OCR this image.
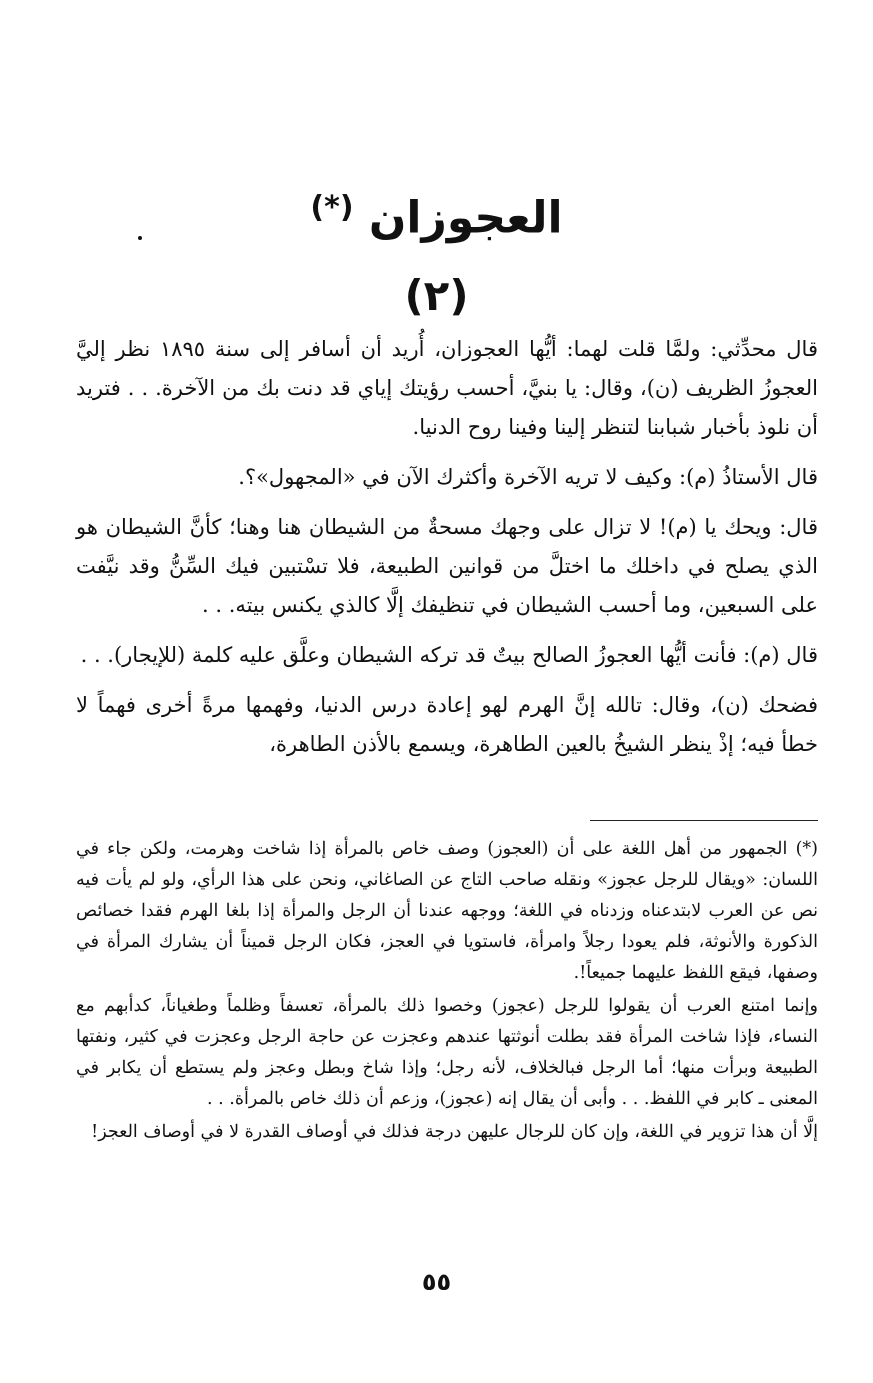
العجوزان (*)
(٢)

قال محدِّثي: ولمَّا قلت لهما: أيُّها العجوزان، أُريد أن أسافر إلى سنة ١٨٩٥ نظر إليَّ العجوزُ الظريف (ن)، وقال: يا بنيَّ، أحسب رؤيتك إياي قد دنت بك من الآخرة. . . فتريد أن نلوذ بأخبار شبابنا لتنظر إلينا وفينا روح الدنيا.

قال الأستاذُ (م): وكيف لا تريه الآخرة وأكثرك الآن في «المجهول»؟.

قال: ويحك يا (م)! لا تزال على وجهك مسحةٌ من الشيطان هنا وهنا؛ كأنَّ الشيطان هو الذي يصلح في داخلك ما اختلَّ من قوانين الطبيعة، فلا تسْتبين فيك السِّنُّ وقد نيَّفت على السبعين، وما أحسب الشيطان في تنظيفك إلَّا كالذي يكنس بيته. . .

قال (م): فأنت أيُّها العجوزُ الصالح بيتٌ قد تركه الشيطان وعلَّق عليه كلمة (للإيجار). . .

فضحك (ن)، وقال: تالله إنَّ الهرم لهو إعادة درس الدنيا، وفهمها مرةً أخرى فهماً لا خطأ فيه؛ إذْ ينظر الشيخُ بالعين الطاهرة، ويسمع بالأذن الطاهرة،

(*) الجمهور من أهل اللغة على أن (العجوز) وصف خاص بالمرأة إذا شاخت وهرمت، ولكن جاء في اللسان: «ويقال للرجل عجوز» ونقله صاحب التاج عن الصاغاني، ونحن على هذا الرأي، ولو لم يأت فيه نص عن العرب لابتدعناه وزدناه في اللغة؛ ووجهه عندنا أن الرجل والمرأة إذا بلغا الهرم فقدا خصائص الذكورة والأنوثة، فلم يعودا رجلاً وامرأة، فاستويا في العجز، فكان الرجل قميناً أن يشارك المرأة في وصفها، فيقع اللفظ عليهما جميعاً!.

وإنما امتنع العرب أن يقولوا للرجل (عجوز) وخصوا ذلك بالمرأة، تعسفاً وظلماً وطغياناً، كدأبهم مع النساء، فإذا شاخت المرأة فقد بطلت أنوثتها عندهم وعجزت عن حاجة الرجل وعجزت في كثير، ونفتها الطبيعة وبرأت منها؛ أما الرجل فبالخلاف، لأنه رجل؛ وإذا شاخ وبطل وعجز ولم يستطع أن يكابر في المعنى ـ كابر في اللفظ. . . وأبى أن يقال إنه (عجوز)، وزعم أن ذلك خاص بالمرأة. . .

إلَّا أن هذا تزوير في اللغة، وإن كان للرجال عليهن درجة فذلك في أوصاف القدرة لا في أوصاف العجز!

٥٥
